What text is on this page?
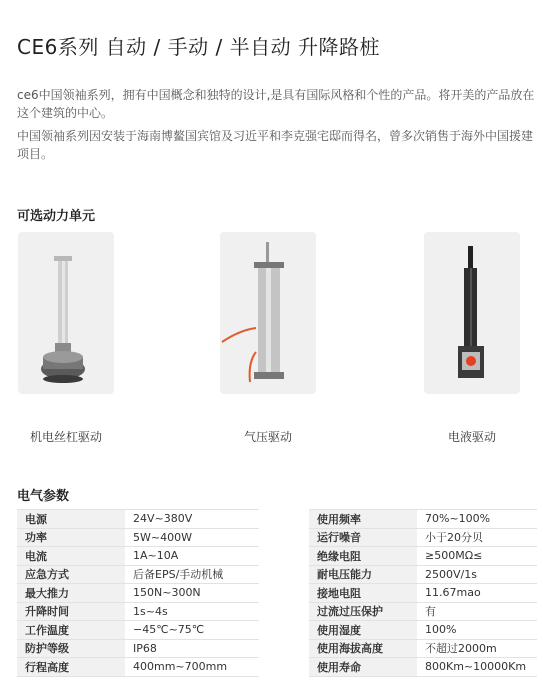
CE6系列 自动 / 手动 / 半自动 升降路桩

ce6中国领袖系列，拥有中国概念和独特的设计,是具有国际风格和个性的产品。将开美的产品放在这个建筑的中心。

中国领袖系列因安装于海南博鳌国宾馆及习近平和李克强宅邸而得名，曾多次销售于海外中国援建项目。

可选动力单元
机电丝杠驱动	气压驱动	电液驱动
电气参数
电源	24V~380V
功率	5W~400W
电流	1A~10A
应急方式	后备EPS/手动机械
最大推力	150N~300N
升降时间	1s~4s
工作温度	−45℃~75℃
防护等级	IP68
行程高度	400mm~700mm
使用频率	70%~100%
运行噪音	小于20分贝
绝缘电阻	≥500MΩ≤
耐电压能力	2500V/1s
接地电阻	11.67mao
过流过压保护	有
使用湿度	100%
使用海拔高度	不超过2000m
使用寿命	800Km~10000Km
